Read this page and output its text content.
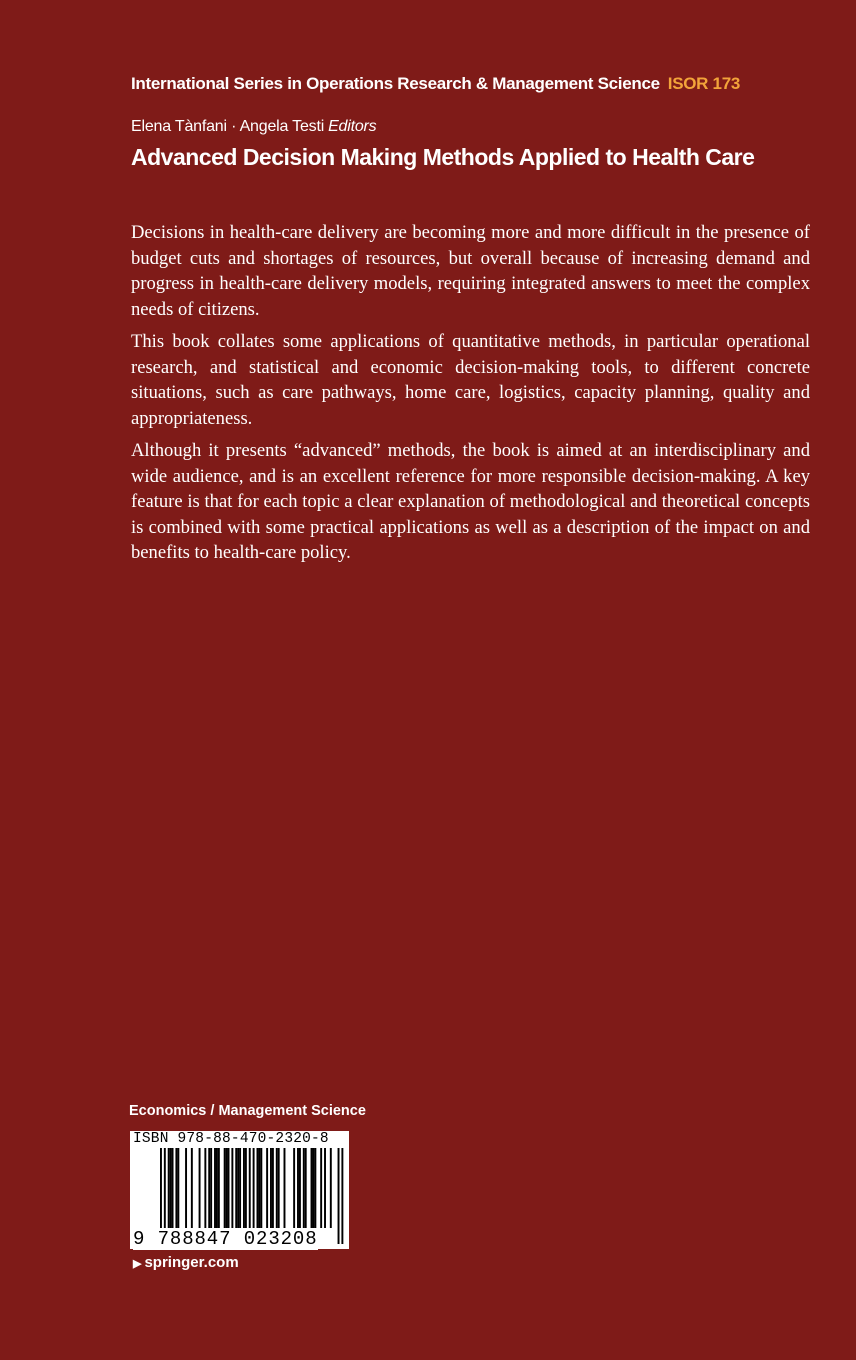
International Series in Operations Research & Management Science ISOR 173
Elena Tànfani · Angela Testi Editors
Advanced Decision Making Methods Applied to Health Care

Decisions in health-care delivery are becoming more and more difficult in the presence of budget cuts and shortages of resources, but overall because of increasing demand and progress in health-care delivery models, requiring integrated answers to meet the complex needs of citizens.

This book collates some applications of quantitative methods, in particular operational research, and statistical and economic decision-making tools, to different concrete situations, such as care pathways, home care, logistics, capacity planning, quality and appropriateness.

Although it presents “advanced” methods, the book is aimed at an interdisciplinary and wide audience, and is an excellent reference for more responsible decision-making. A key feature is that for each topic a clear explanation of methodological and theoretical concepts is combined with some practical applications as well as a description of the impact on and benefits to health-care policy.

Economics / Management Science
ISBN 978-88-470-2320-8
9 788847 023208
▶ springer.com
